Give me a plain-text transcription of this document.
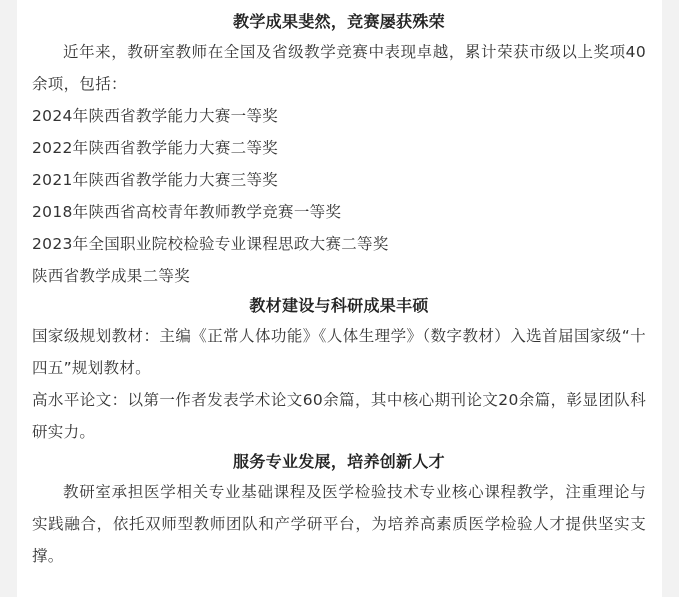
教学成果斐然，竞赛屡获殊荣
近年来，教研室教师在全国及省级教学竞赛中表现卓越，累计荣获市级以上奖项40余项，包括：
2024年陕西省教学能力大赛一等奖
2022年陕西省教学能力大赛二等奖
2021年陕西省教学能力大赛三等奖
2018年陕西省高校青年教师教学竞赛一等奖
2023年全国职业院校检验专业课程思政大赛二等奖
陕西省教学成果二等奖
教材建设与科研成果丰硕
国家级规划教材：主编《正常人体功能》《人体生理学》（数字教材）入选首届国家级“十四五”规划教材。
高水平论文：以第一作者发表学术论文60余篇，其中核心期刊论文20余篇，彰显团队科研实力。
服务专业发展，培养创新人才
教研室承担医学相关专业基础课程及医学检验技术专业核心课程教学，注重理论与实践融合，依托双师型教师团队和产学研平台，为培养高素质医学检验人才提供坚实支撑。
